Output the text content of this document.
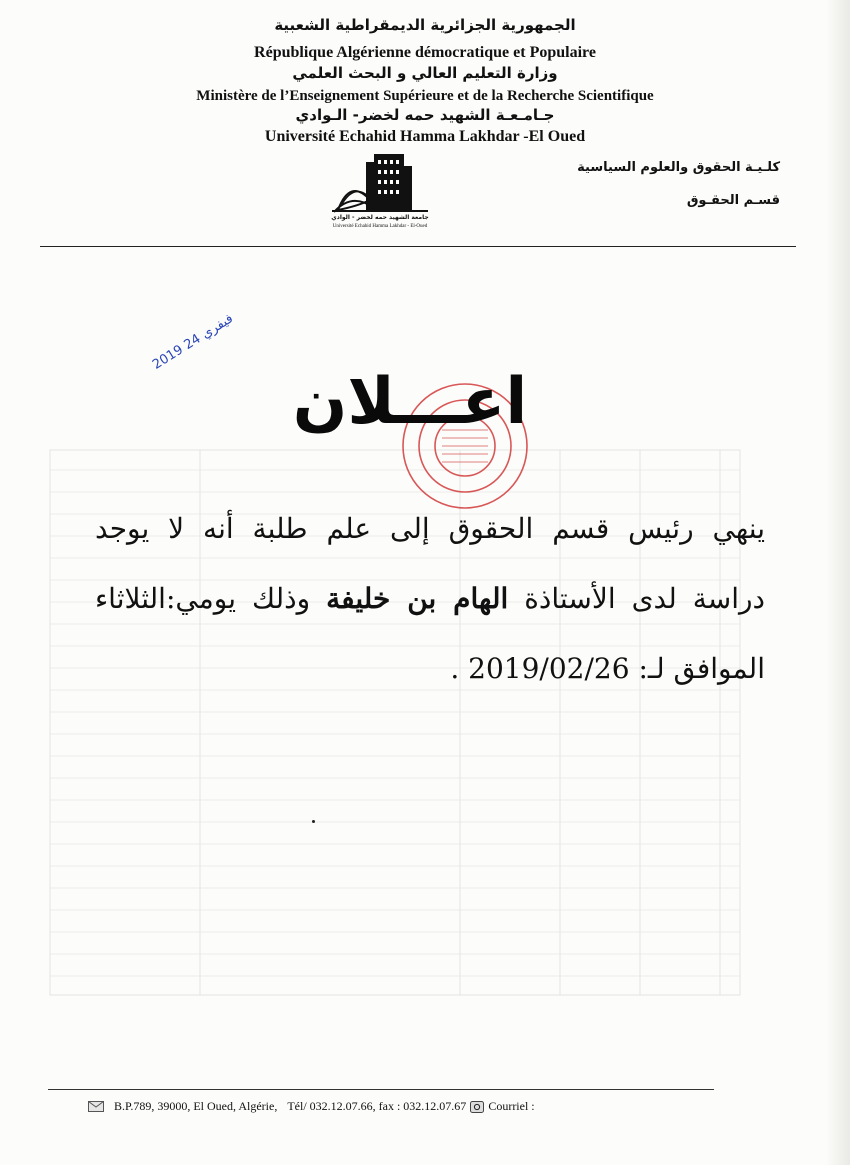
الجمهورية الجزائرية الديمقراطية الشعبية
République Algérienne démocratique et Populaire
وزارة التعليم العالي و البحث العلمي
Ministère de l’Enseignement Supérieure et de la Recherche Scientifique
جـامـعـة الشهيد حمه لخضر- الـوادي
Université Echahid Hamma Lakhdar -El Oued
كلـيـة الحقوق والعلوم السياسية
قسـم الحقـوق
جامعة الشهيد حمه لخضر - الوادي
Université Echahid Hamma Lakhdar - El-Oued
2019 فيفري 24
اعـــلان
ينهي رئيس قسم الحقوق إلى علم طلبة أنه لا يوجد
دراسة لدى الأستاذة الهام بن خليفة وذلك يومي:الثلاثاء
الموافق لـ: 2019/02/26 .
B.P.789, 39000, El Oued, Algérie, Tél/ 032.12.07.66, fax : 032.12.07.67 Courriel :
